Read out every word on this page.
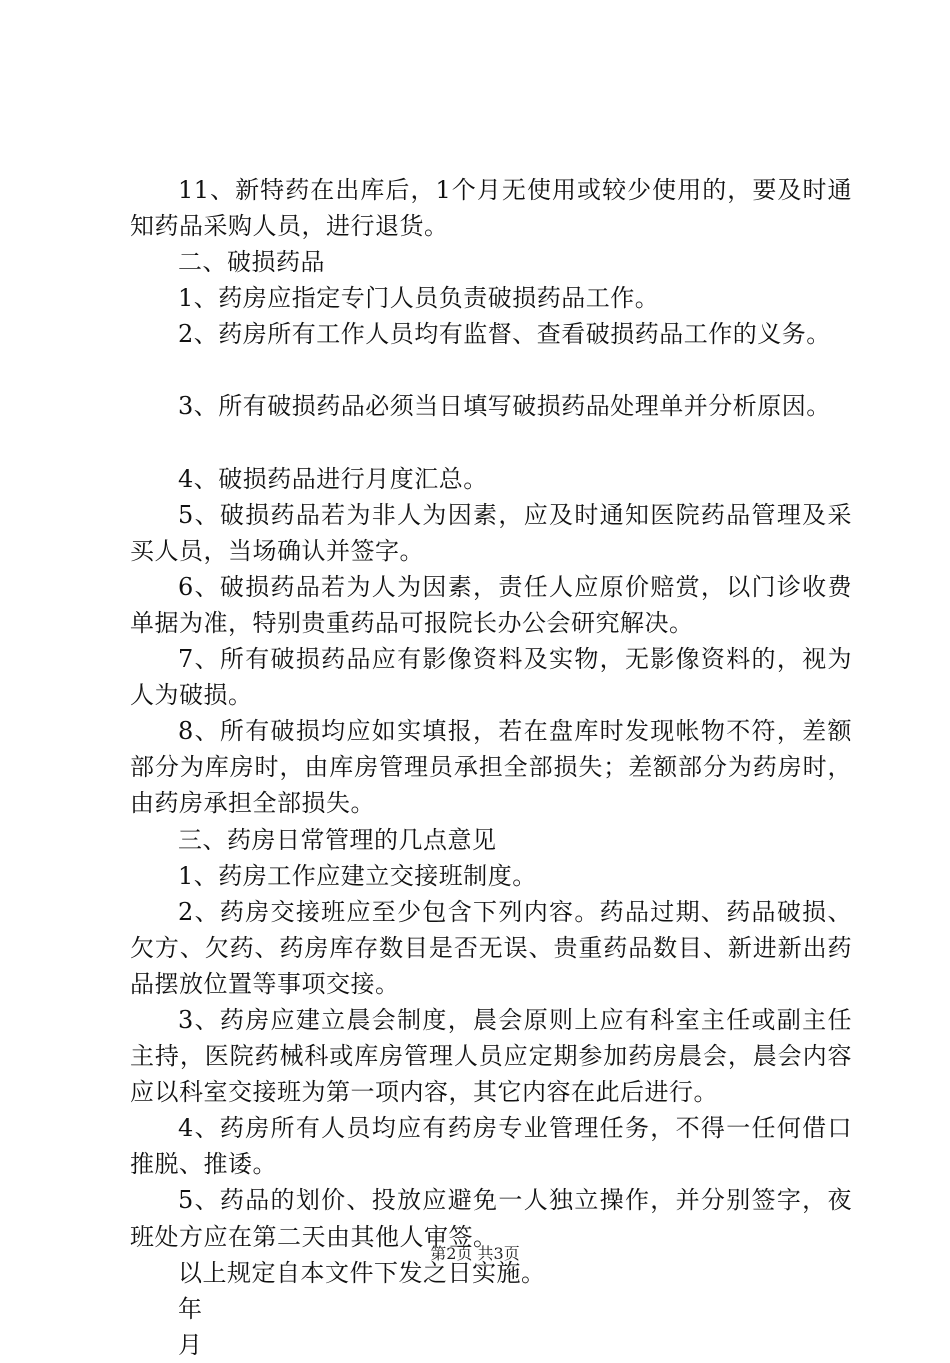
11、新特药在出库后，1个月无使用或较少使用的，要及时通知药品采购人员，进行退货。

二、破损药品

1、药房应指定专门人员负责破损药品工作。

2、药房所有工作人员均有监督、查看破损药品工作的义务。

3、所有破损药品必须当日填写破损药品处理单并分析原因。

4、破损药品进行月度汇总。

5、破损药品若为非人为因素，应及时通知医院药品管理及采买人员，当场确认并签字。

6、破损药品若为人为因素，责任人应原价赔赏，以门诊收费单据为准，特别贵重药品可报院长办公会研究解决。

7、所有破损药品应有影像资料及实物，无影像资料的，视为人为破损。

8、所有破损均应如实填报，若在盘库时发现帐物不符，差额部分为库房时，由库房管理员承担全部损失；差额部分为药房时，由药房承担全部损失。

三、药房日常管理的几点意见

1、药房工作应建立交接班制度。

2、药房交接班应至少包含下列内容。药品过期、药品破损、欠方、欠药、药房库存数目是否无误、贵重药品数目、新进新出药品摆放位置等事项交接。

3、药房应建立晨会制度，晨会原则上应有科室主任或副主任主持，医院药械科或库房管理人员应定期参加药房晨会，晨会内容应以科室交接班为第一项内容，其它内容在此后进行。

4、药房所有人员均应有药房专业管理任务，不得一任何借口推脱、推诿。

5、药品的划价、投放应避免一人独立操作，并分别签字，夜班处方应在第二天由其他人审签。

以上规定自本文件下发之日实施。

年

月

第2页 共3页
